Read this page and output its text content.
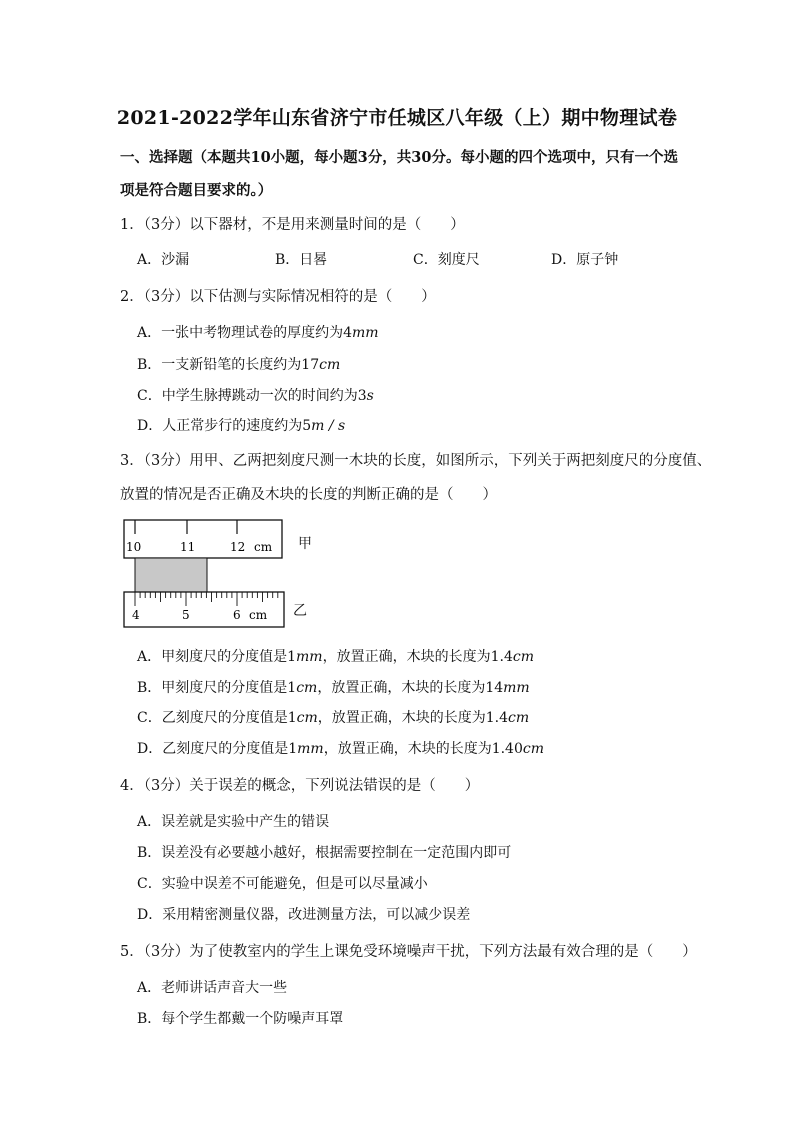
2021-2022学年山东省济宁市任城区八年级（上）期中物理试卷
一、选择题（本题共10小题，每小题3分，共30分。每小题的四个选项中，只有一个选
项是符合题目要求的。）
1．（3分）以下器材，不是用来测量时间的是（　　）
A．沙漏	B．日晷	C．刻度尺	D．原子钟
2．（3分）以下估测与实际情况相符的是（　　）
A．一张中考物理试卷的厚度约为4mm
B．一支新铅笔的长度约为17cm
C．中学生脉搏跳动一次的时间约为3s
D．人正常步行的速度约为5m / s
3．（3分）用甲、乙两把刻度尺测一木块的长度，如图所示，下列关于两把刻度尺的分度值、
放置的情况是否正确及木块的长度的判断正确的是（　　）
10	11	12 cm
4	5	6 cm
甲
乙
A．甲刻度尺的分度值是1mm，放置正确，木块的长度为1.4cm
B．甲刻度尺的分度值是1cm，放置正确，木块的长度为14mm
C．乙刻度尺的分度值是1cm，放置正确，木块的长度为1.4cm
D．乙刻度尺的分度值是1mm，放置正确，木块的长度为1.40cm
4．（3分）关于误差的概念，下列说法错误的是（　　）
A．误差就是实验中产生的错误
B．误差没有必要越小越好，根据需要控制在一定范围内即可
C．实验中误差不可能避免，但是可以尽量减小
D．采用精密测量仪器，改进测量方法，可以减少误差
5．（3分）为了使教室内的学生上课免受环境噪声干扰，下列方法最有效合理的是（　　）
A．老师讲话声音大一些
B．每个学生都戴一个防噪声耳罩
